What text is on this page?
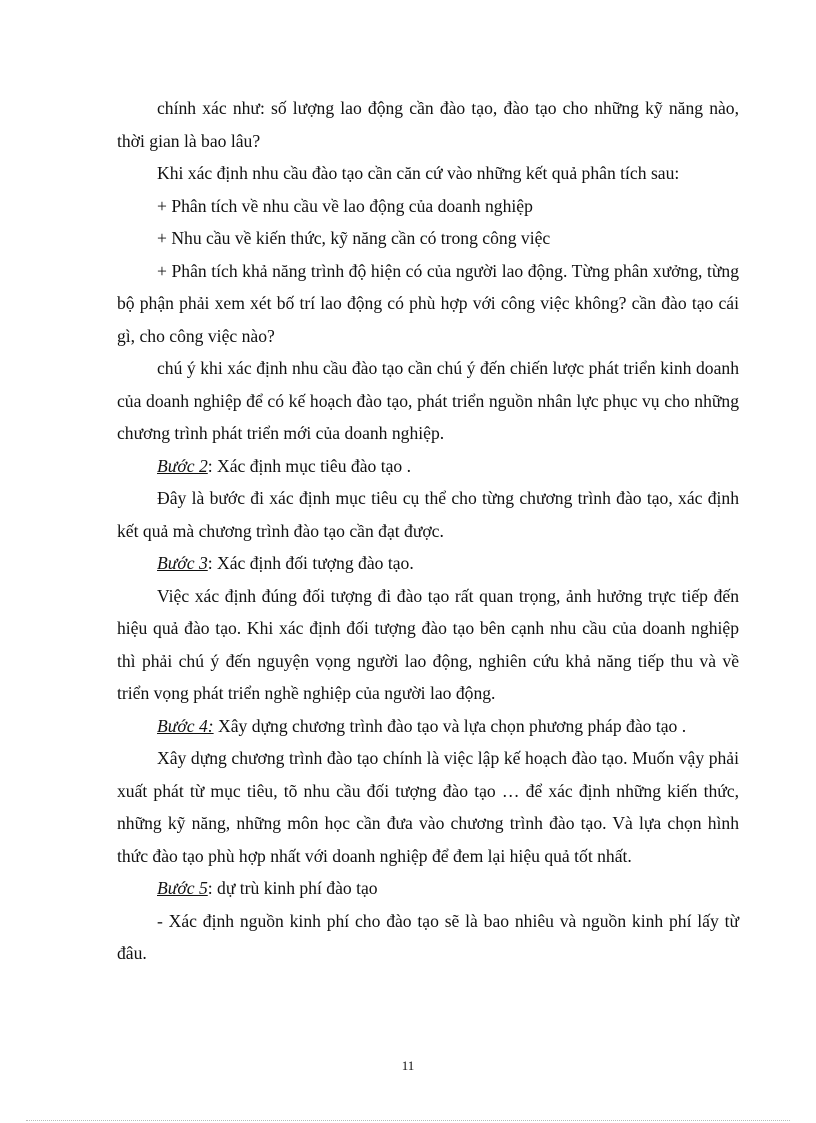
chính xác như: số lượng lao động cần đào tạo, đào tạo cho những kỹ năng nào, thời gian là bao lâu?

Khi xác định nhu cầu đào tạo cần căn cứ vào những kết quả phân tích sau:

+ Phân tích về nhu cầu về lao động của doanh nghiệp

+ Nhu cầu về kiến thức, kỹ năng cần có trong công việc

+ Phân tích khả năng trình độ hiện có của người lao động. Từng phân xưởng, từng bộ phận phải xem xét bố trí lao động có phù hợp với công việc không? cần đào tạo cái gì, cho công việc nào?

chú ý khi xác định nhu cầu đào tạo cần chú ý đến chiến lược phát triển kinh doanh của doanh nghiệp để có kế hoạch đào tạo, phát triển nguồn nhân lực phục vụ cho những chương trình phát triển mới của doanh nghiệp.

Bước 2: Xác định mục tiêu đào tạo .

Đây là bước đi xác định mục tiêu cụ thể cho từng chương trình đào tạo, xác định kết quả mà chương trình đào tạo cần đạt được.

Bước 3: Xác định đối tượng đào tạo.

Việc xác định đúng đối tượng đi đào tạo rất quan trọng, ảnh hưởng trực tiếp đến hiệu quả đào tạo. Khi xác định đối tượng đào tạo bên cạnh nhu cầu của doanh nghiệp thì phải chú ý đến nguyện vọng người lao động, nghiên cứu khả năng tiếp thu và về triển vọng phát triển nghề nghiệp của người lao động.

Bước 4: Xây dựng chương trình đào tạo và lựa chọn phương pháp đào tạo .

Xây dựng chương trình đào tạo chính là việc lập kế hoạch đào tạo. Muốn vậy phải xuất phát từ mục tiêu, tõ nhu cầu đối tượng đào tạo … để xác định những kiến thức, những kỹ năng, những môn học cần đưa vào chương trình đào tạo. Và lựa chọn hình thức đào tạo phù hợp nhất với doanh nghiệp để đem lại hiệu quả tốt nhất.

Bước 5: dự trù kinh phí đào tạo

- Xác định nguồn kinh phí cho đào tạo sẽ là bao nhiêu và nguồn kinh phí lấy từ đâu.

11
